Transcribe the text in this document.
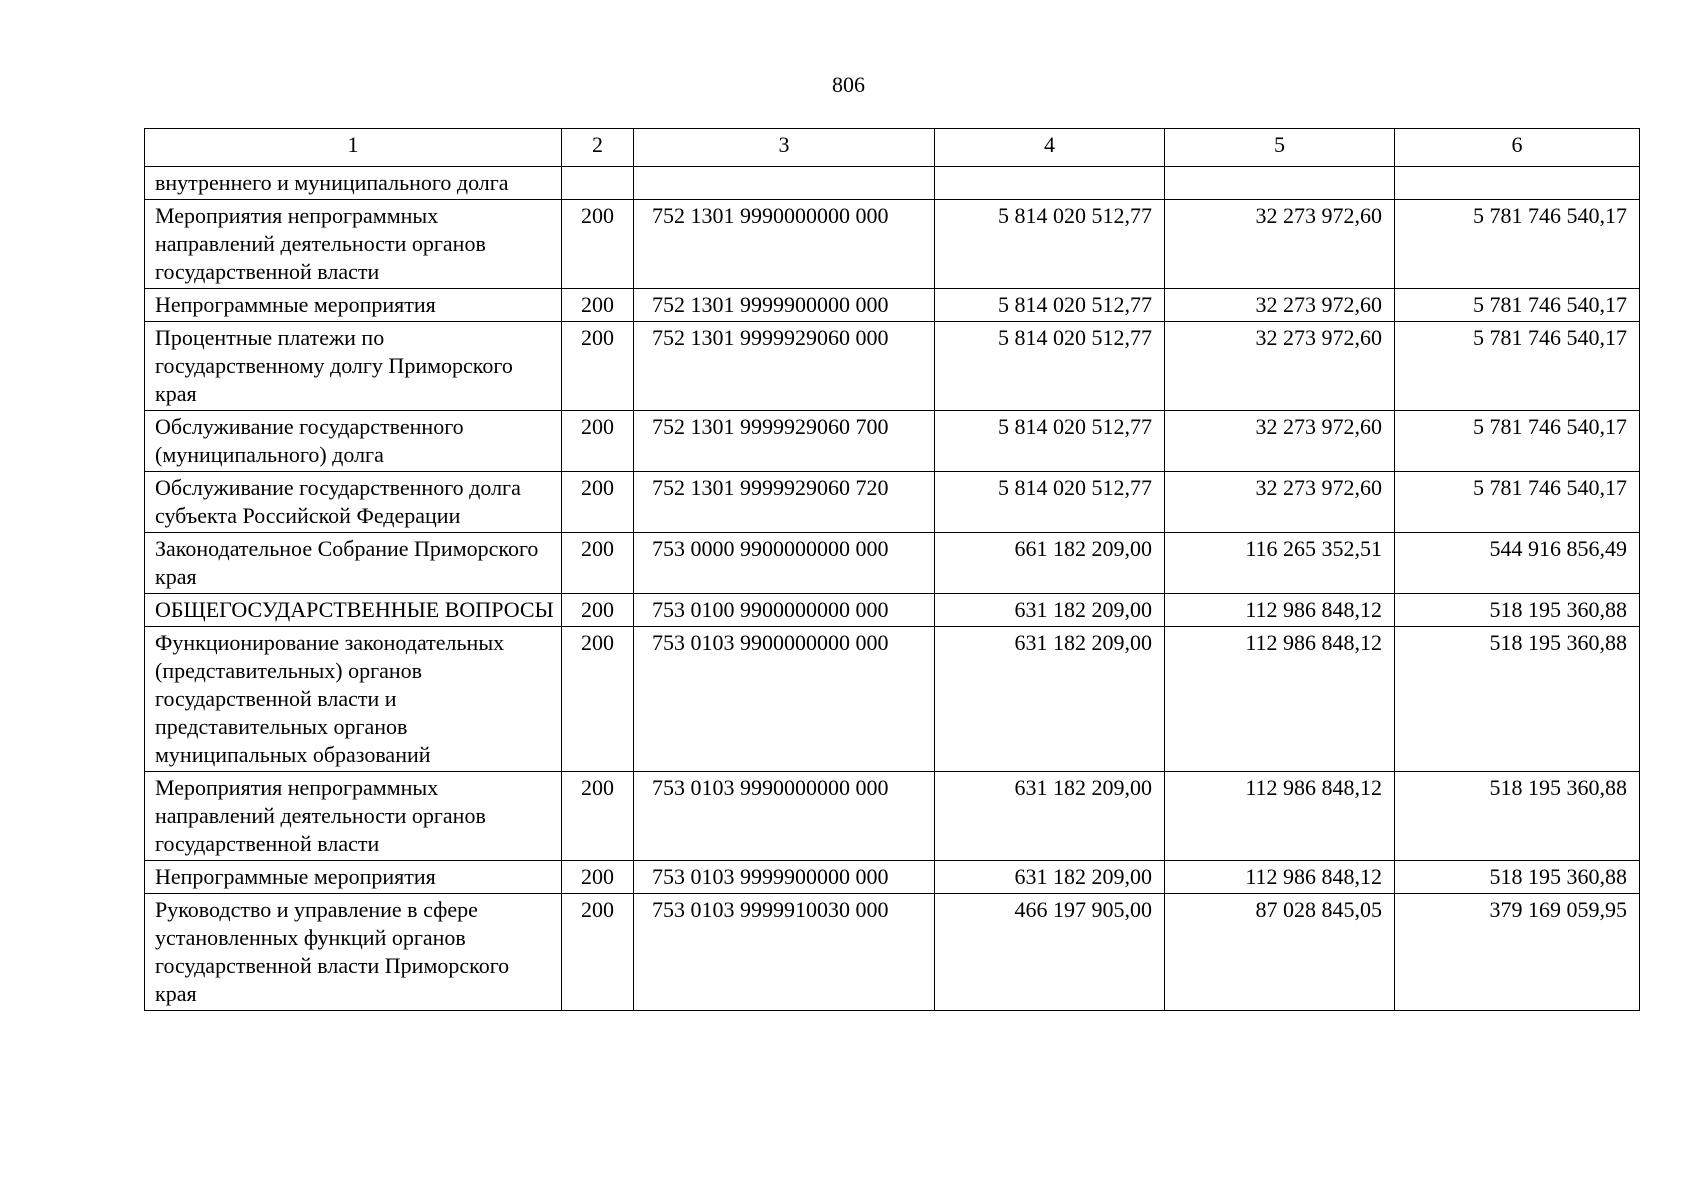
806
1	2	3	4	5	6
внутреннего и муниципального долга					
Мероприятия непрограммных направлений деятельности органов государственной власти	200	752 1301 9990000000 000	5 814 020 512,77	32 273 972,60	5 781 746 540,17
Непрограммные мероприятия	200	752 1301 9999900000 000	5 814 020 512,77	32 273 972,60	5 781 746 540,17
Процентные платежи по государственному долгу Приморского края	200	752 1301 9999929060 000	5 814 020 512,77	32 273 972,60	5 781 746 540,17
Обслуживание государственного (муниципального) долга	200	752 1301 9999929060 700	5 814 020 512,77	32 273 972,60	5 781 746 540,17
Обслуживание государственного долга субъекта Российской Федерации	200	752 1301 9999929060 720	5 814 020 512,77	32 273 972,60	5 781 746 540,17
Законодательное Собрание Приморского края	200	753 0000 9900000000 000	661 182 209,00	116 265 352,51	544 916 856,49
ОБЩЕГОСУДАРСТВЕННЫЕ ВОПРОСЫ	200	753 0100 9900000000 000	631 182 209,00	112 986 848,12	518 195 360,88
Функционирование законодательных (представительных) органов государственной власти и представительных органов муниципальных образований	200	753 0103 9900000000 000	631 182 209,00	112 986 848,12	518 195 360,88
Мероприятия непрограммных направлений деятельности органов государственной власти	200	753 0103 9990000000 000	631 182 209,00	112 986 848,12	518 195 360,88
Непрограммные мероприятия	200	753 0103 9999900000 000	631 182 209,00	112 986 848,12	518 195 360,88
Руководство и управление в сфере установленных функций органов государственной власти Приморского края	200	753 0103 9999910030 000	466 197 905,00	87 028 845,05	379 169 059,95
